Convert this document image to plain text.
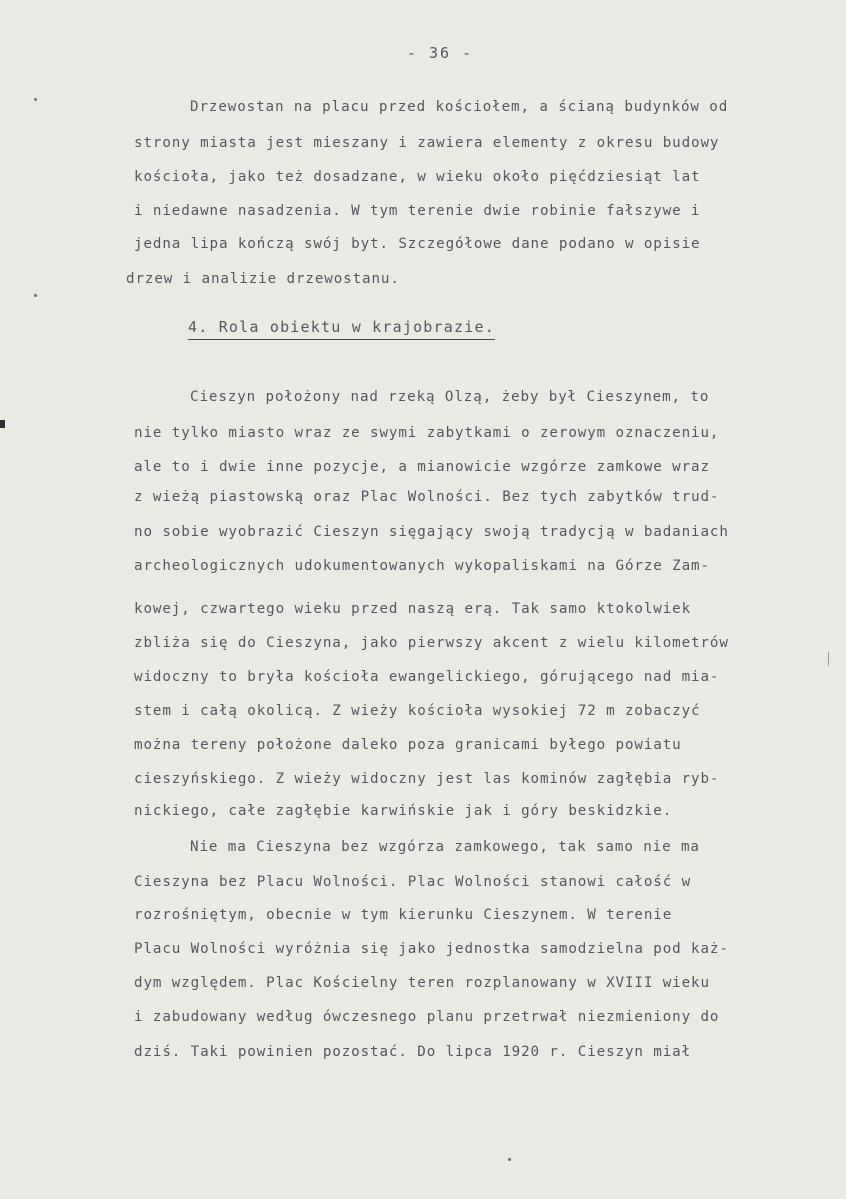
- 36 -
Drzewostan na placu przed kościołem, a ścianą budynków od
strony miasta jest mieszany i zawiera elementy z okresu budowy
kościoła, jako też dosadzane, w wieku około pięćdziesiąt lat
i niedawne nasadzenia. W tym terenie dwie robinie fałszywe i
jedna lipa kończą swój byt. Szczegółowe dane podano w opisie
drzew i analizie drzewostanu.
4. Rola obiektu w krajobrazie.
Cieszyn położony nad rzeką Olzą, żeby był Cieszynem, to
nie tylko miasto wraz ze swymi zabytkami o zerowym oznaczeniu,
ale to i dwie inne pozycje, a mianowicie wzgórze zamkowe wraz
z wieżą piastowską oraz Plac Wolności. Bez tych zabytków trud-
no sobie wyobrazić Cieszyn sięgający swoją tradycją w badaniach
archeologicznych udokumentowanych wykopaliskami na Górze Zam-
kowej, czwartego wieku przed naszą erą. Tak samo ktokolwiek
zbliża się do Cieszyna, jako pierwszy akcent z wielu kilometrów
widoczny to bryła kościoła ewangelickiego, górującego nad mia-
stem i całą okolicą. Z wieży kościoła wysokiej 72 m zobaczyć
można tereny położone daleko poza granicami byłego powiatu
cieszyńskiego. Z wieży widoczny jest las kominów zagłębia ryb-
nickiego, całe zagłębie karwińskie jak i góry beskidzkie.
Nie ma Cieszyna bez wzgórza zamkowego, tak samo nie ma
Cieszyna bez Placu Wolności. Plac Wolności stanowi całość w
rozrośniętym, obecnie w tym kierunku Cieszynem. W terenie
Placu Wolności wyróżnia się jako jednostka samodzielna pod każ-
dym względem. Plac Kościelny teren rozplanowany w XVIII wieku
i zabudowany według ówczesnego planu przetrwał niezmieniony do
dziś. Taki powinien pozostać. Do lipca 1920 r. Cieszyn miał
